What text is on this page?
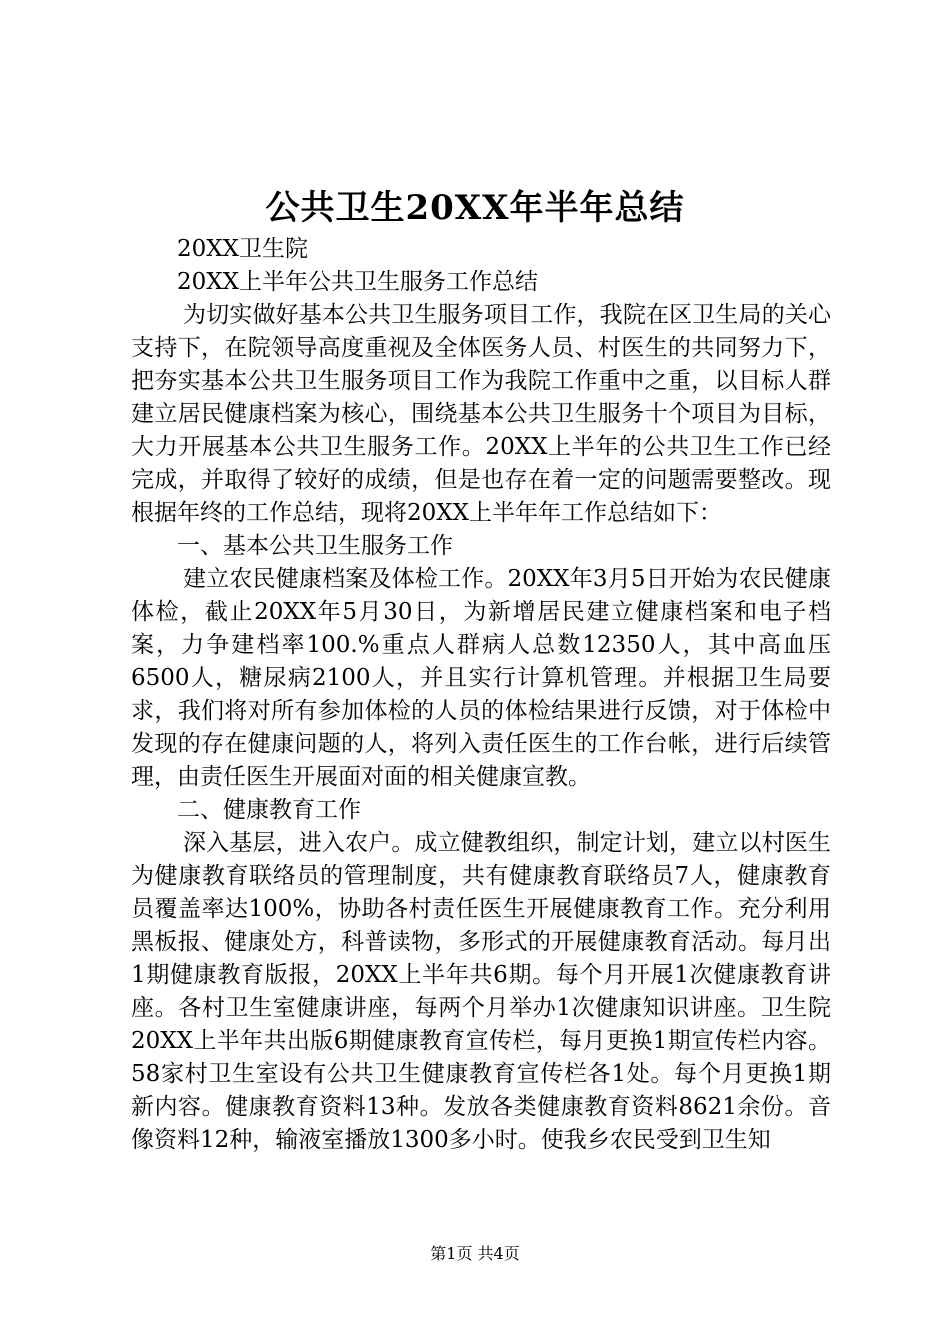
公共卫生20XX年半年总结

20XX卫生院

20XX上半年公共卫生服务工作总结

为切实做好基本公共卫生服务项目工作，我院在区卫生局的关心支持下，在院领导高度重视及全体医务人员、村医生的共同努力下，把夯实基本公共卫生服务项目工作为我院工作重中之重，以目标人群建立居民健康档案为核心，围绕基本公共卫生服务十个项目为目标，大力开展基本公共卫生服务工作。20XX上半年的公共卫生工作已经完成，并取得了较好的成绩，但是也存在着一定的问题需要整改。现根据年终的工作总结，现将20XX上半年年工作总结如下：

一、基本公共卫生服务工作

建立农民健康档案及体检工作。20XX年3月5日开始为农民健康体检，截止20XX年5月30日，为新增居民建立健康档案和电子档案，力争建档率100.%重点人群病人总数12350人，其中高血压6500人，糖尿病2100人，并且实行计算机管理。并根据卫生局要求，我们将对所有参加体检的人员的体检结果进行反馈，对于体检中发现的存在健康问题的人，将列入责任医生的工作台帐，进行后续管理，由责任医生开展面对面的相关健康宣教。

二、健康教育工作

深入基层，进入农户。成立健教组织，制定计划，建立以村医生为健康教育联络员的管理制度，共有健康教育联络员7人，健康教育员覆盖率达100%，协助各村责任医生开展健康教育工作。充分利用黑板报、健康处方，科普读物，多形式的开展健康教育活动。每月出1期健康教育版报，20XX上半年共6期。每个月开展1次健康教育讲座。各村卫生室健康讲座，每两个月举办1次健康知识讲座。卫生院20XX上半年共出版6期健康教育宣传栏，每月更换1期宣传栏内容。58家村卫生室设有公共卫生健康教育宣传栏各1处。每个月更换1期新内容。健康教育资料13种。发放各类健康教育资料8621余份。音像资料12种，输液室播放1300多小时。使我乡农民受到卫生知

第1页 共4页
